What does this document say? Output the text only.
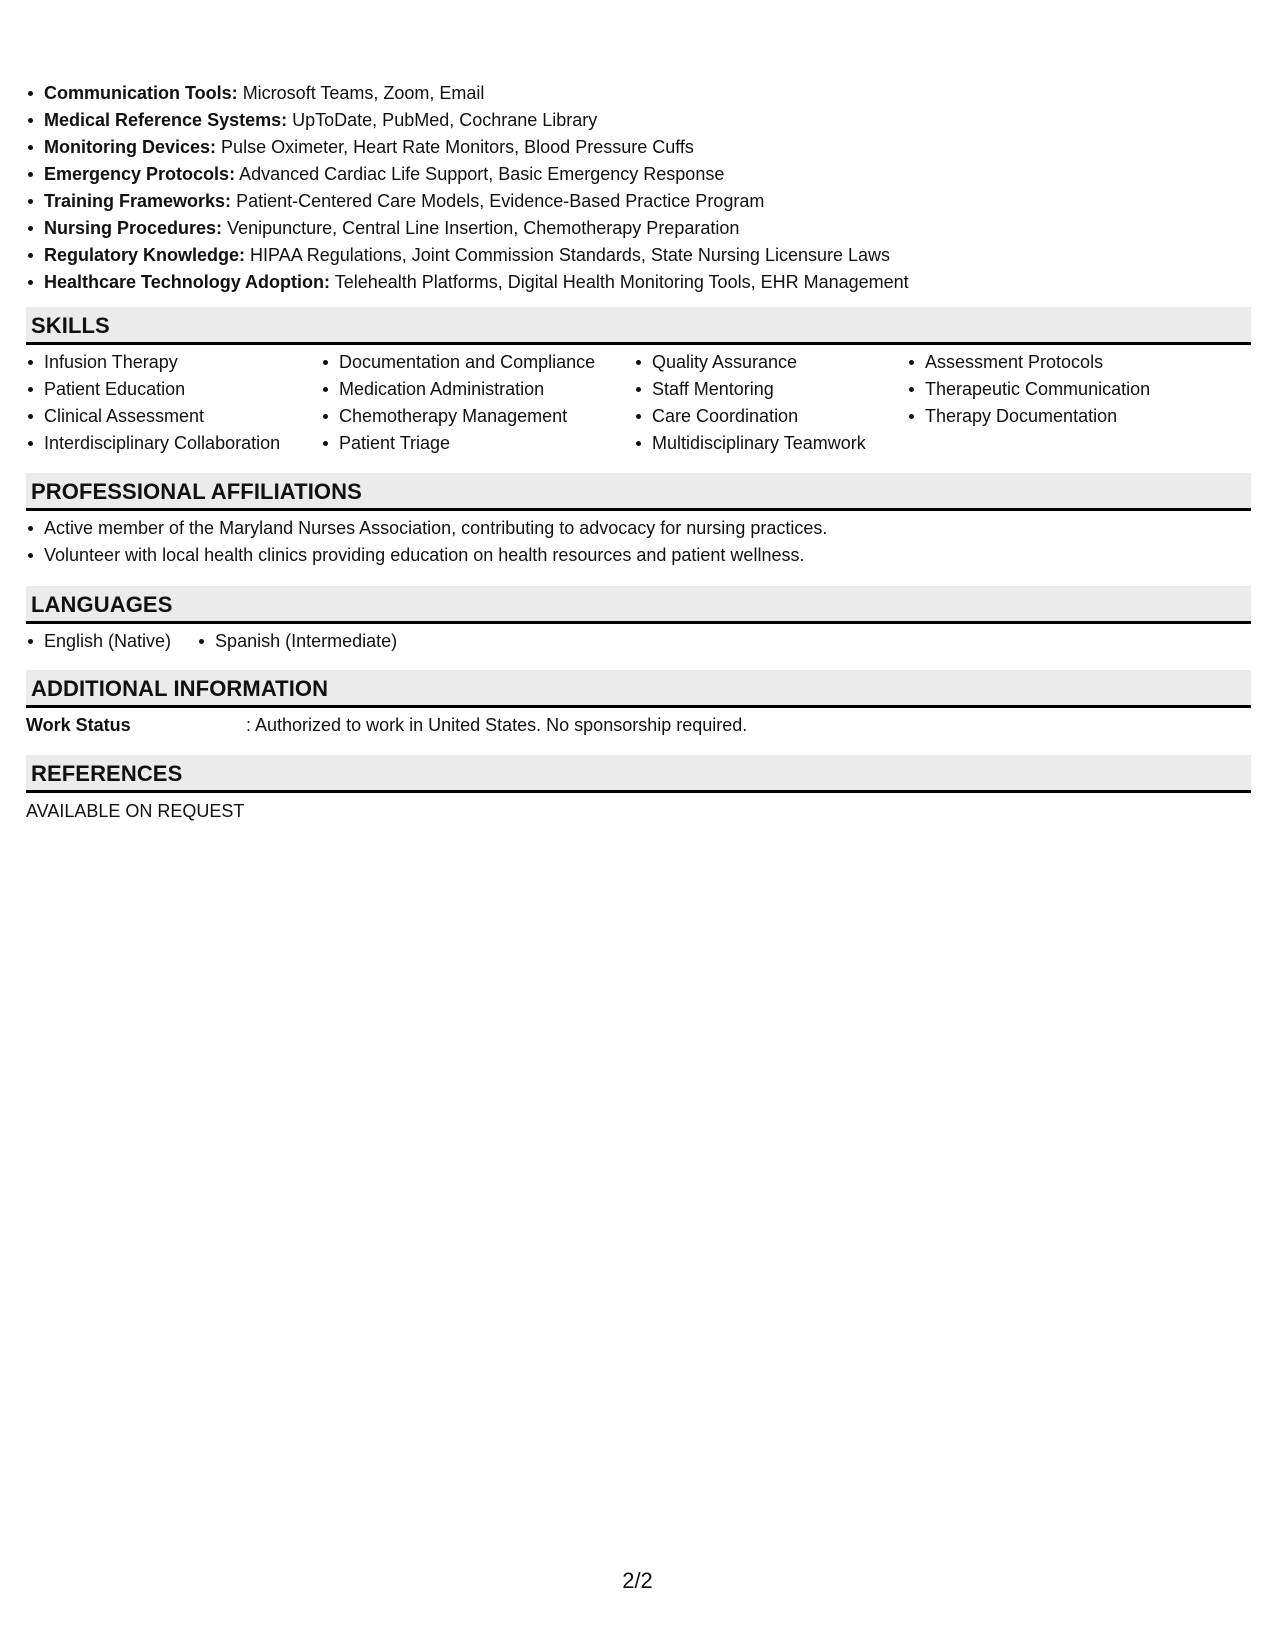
Communication Tools: Microsoft Teams, Zoom, Email
Medical Reference Systems: UpToDate, PubMed, Cochrane Library
Monitoring Devices: Pulse Oximeter, Heart Rate Monitors, Blood Pressure Cuffs
Emergency Protocols: Advanced Cardiac Life Support, Basic Emergency Response
Training Frameworks: Patient-Centered Care Models, Evidence-Based Practice Program
Nursing Procedures: Venipuncture, Central Line Insertion, Chemotherapy Preparation
Regulatory Knowledge: HIPAA Regulations, Joint Commission Standards, State Nursing Licensure Laws
Healthcare Technology Adoption: Telehealth Platforms, Digital Health Monitoring Tools, EHR Management
SKILLS
Infusion Therapy
Patient Education
Clinical Assessment
Interdisciplinary Collaboration
Documentation and Compliance
Medication Administration
Chemotherapy Management
Patient Triage
Quality Assurance
Staff Mentoring
Care Coordination
Multidisciplinary Teamwork
Assessment Protocols
Therapeutic Communication
Therapy Documentation
PROFESSIONAL AFFILIATIONS
Active member of the Maryland Nurses Association, contributing to advocacy for nursing practices.
Volunteer with local health clinics providing education on health resources and patient wellness.
LANGUAGES
English (Native)	Spanish (Intermediate)
ADDITIONAL INFORMATION
Work Status	: Authorized to work in United States. No sponsorship required.
REFERENCES
AVAILABLE ON REQUEST
2/2
